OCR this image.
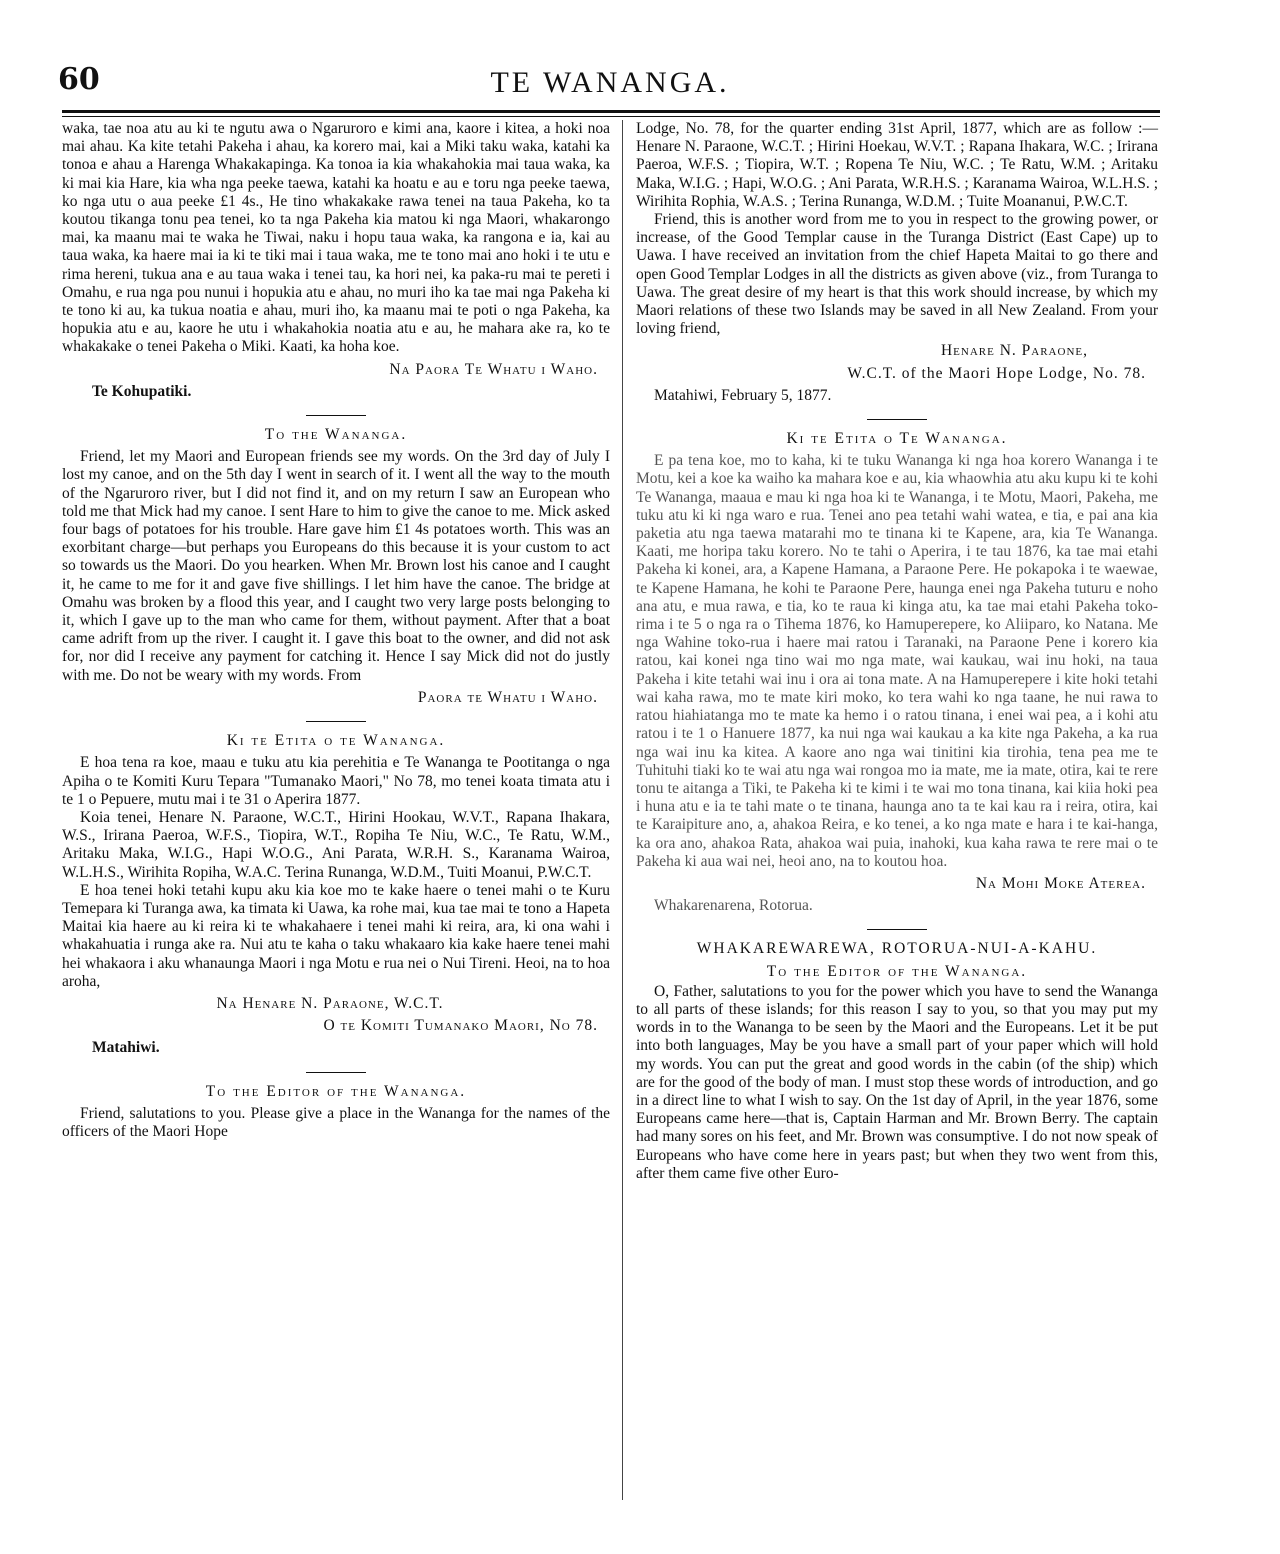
60	TE WANANGA.

waka, tae noa atu au ki te ngutu awa o Ngaruroro e kimi ana, kaore i kitea, a hoki noa mai ahau. Ka kite tetahi Pakeha i ahau, ka korero mai, kai a Miki taku waka, katahi ka tonoa e ahau a Harenga Whakakapinga. Ka tonoa ia kia whakahokia mai taua waka, ka ki mai kia Hare, kia wha nga peeke taewa, katahi ka hoatu e au e toru nga peeke taewa, ko nga utu o aua peeke £1 4s., He tino whakakake rawa tenei na taua Pakeha, ko ta koutou tikanga tonu pea tenei, ko ta nga Pakeha kia matou ki nga Maori, whakarongo mai, ka maanu mai te waka he Tiwai, naku i hopu taua waka, ka rangona e ia, kai au taua waka, ka haere mai ia ki te tiki mai i taua waka, me te tono mai ano hoki i te utu e rima hereni, tukua ana e au taua waka i tenei tau, ka hori nei, ka paka-ru mai te pereti i Omahu, e rua nga pou nunui i hopukia atu e ahau, no muri iho ka tae mai nga Pakeha ki te tono ki au, ka tukua noatia e ahau, muri iho, ka maanu mai te poti o nga Pakeha, ka hopukia atu e au, kaore he utu i whakahokia noatia atu e au, he mahara ake ra, ko te whakakake o tenei Pakeha o Miki. Kaati, ka hoha koe.

Na Paora Te Whatu i Waho.

Te Kohupatiki.

To the Wananga.

Friend, let my Maori and European friends see my words. On the 3rd day of July I lost my canoe, and on the 5th day I went in search of it. I went all the way to the mouth of the Ngaruroro river, but I did not find it, and on my return I saw an European who told me that Mick had my canoe. I sent Hare to him to give the canoe to me. Mick asked four bags of potatoes for his trouble. Hare gave him £1 4s potatoes worth. This was an exorbitant charge—but perhaps you Europeans do this because it is your custom to act so towards us the Maori. Do you hearken. When Mr. Brown lost his canoe and I caught it, he came to me for it and gave five shillings. I let him have the canoe. The bridge at Omahu was broken by a flood this year, and I caught two very large posts belonging to it, which I gave up to the man who came for them, without payment. After that a boat came adrift from up the river. I caught it. I gave this boat to the owner, and did not ask for, nor did I receive any payment for catching it. Hence I say Mick did not do justly with me. Do not be weary with my words. From

Paora te Whatu i Waho.

Ki te Etita o te Wananga.

E hoa tena ra koe, maau e tuku atu kia perehitia e Te Wananga te Pootitanga o nga Apiha o te Komiti Kuru Tepara "Tumanako Maori," No 78, mo tenei koata timata atu i te 1 o Pepuere, mutu mai i te 31 o Aperira 1877.

Koia tenei, Henare N. Paraone, W.C.T., Hirini Hookau, W.V.T., Rapana Ihakara, W.S., Irirana Paeroa, W.F.S., Tiopira, W.T., Ropiha Te Niu, W.C., Te Ratu, W.M., Aritaku Maka, W.I.G., Hapi W.O.G., Ani Parata, W.R.H. S., Karanama Wairoa, W.L.H.S., Wirihita Ropiha, W.A.C. Terina Runanga, W.D.M., Tuiti Moanui, P.W.C.T.

E hoa tenei hoki tetahi kupu aku kia koe mo te kake haere o tenei mahi o te Kuru Temepara ki Turanga awa, ka timata ki Uawa, ka rohe mai, kua tae mai te tono a Hapeta Maitai kia haere au ki reira ki te whakahaere i tenei mahi ki reira, ara, ki ona wahi i whakahuatia i runga ake ra. Nui atu te kaha o taku whakaaro kia kake haere tenei mahi hei whakaora i aku whanaunga Maori i nga Motu e rua nei o Nui Tireni. Heoi, na to hoa aroha,

Na Henare N. Paraone, W.C.T.

O te Komiti Tumanako Maori, No 78.

Matahiwi.

To the Editor of the Wananga.

Friend, salutations to you. Please give a place in the Wananga for the names of the officers of the Maori Hope

Lodge, No. 78, for the quarter ending 31st April, 1877, which are as follow :—Henare N. Paraone, W.C.T. ; Hirini Hoekau, W.V.T. ; Rapana Ihakara, W.C. ; Irirana Paeroa, W.F.S. ; Tiopira, W.T. ; Ropena Te Niu, W.C. ; Te Ratu, W.M. ; Aritaku Maka, W.I.G. ; Hapi, W.O.G. ; Ani Parata, W.R.H.S. ; Karanama Wairoa, W.L.H.S. ; Wirihita Rophia, W.A.S. ; Terina Runanga, W.D.M. ; Tuite Moananui, P.W.C.T.

Friend, this is another word from me to you in respect to the growing power, or increase, of the Good Templar cause in the Turanga District (East Cape) up to Uawa. I have received an invitation from the chief Hapeta Maitai to go there and open Good Templar Lodges in all the districts as given above (viz., from Turanga to Uawa. The great desire of my heart is that this work should increase, by which my Maori relations of these two Islands may be saved in all New Zealand. From your loving friend,

Henare N. Paraone,

W.C.T. of the Maori Hope Lodge, No. 78.

Matahiwi, February 5, 1877.

Ki te Etita o Te Wananga.

E pa tena koe, mo to kaha, ki te tuku Wananga ki nga hoa korero Wananga i te Motu, kei a koe ka waiho ka mahara koe e au, kia whaowhia atu aku kupu ki te kohi Te Wananga, maaua e mau ki nga hoa ki te Wananga, i te Motu, Maori, Pakeha, me tuku atu ki ki nga waro e rua. Tenei ano pea tetahi wahi watea, e tia, e pai ana kia paketia atu nga taewa matarahi mo te tinana ki te Kapene, ara, kia Te Wananga. Kaati, me horipa taku korero. No te tahi o Aperira, i te tau 1876, ka tae mai etahi Pakeha ki konei, ara, a Kapene Hamana, a Paraone Pere. He pokapoka i te waewae, te Kapene Hamana, he kohi te Paraone Pere, haunga enei nga Pakeha tuturu e noho ana atu, e mua rawa, e tia, ko te raua ki kinga atu, ka tae mai etahi Pakeha toko-rima i te 5 o nga ra o Tihema 1876, ko Hamuperepere, ko Aliiparo, ko Natana. Me nga Wahine toko-rua i haere mai ratou i Taranaki, na Paraone Pene i korero kia ratou, kai konei nga tino wai mo nga mate, wai kaukau, wai inu hoki, na taua Pakeha i kite tetahi wai inu i ora ai tona mate. A na Hamuperepere i kite hoki tetahi wai kaha rawa, mo te mate kiri moko, ko tera wahi ko nga taane, he nui rawa to ratou hiahiatanga mo te mate ka hemo i o ratou tinana, i enei wai pea, a i kohi atu ratou i te 1 o Hanuere 1877, ka nui nga wai kaukau a ka kite nga Pakeha, a ka rua nga wai inu ka kitea. A kaore ano nga wai tinitini kia tirohia, tena pea me te Tuhituhi tiaki ko te wai atu nga wai rongoa mo ia mate, me ia mate, otira, kai te rere tonu te aitanga a Tiki, te Pakeha ki te kimi i te wai mo tona tinana, kai kiia hoki pea i huna atu e ia te tahi mate o te tinana, haunga ano ta te kai kau ra i reira, otira, kai te Karaipiture ano, a, ahakoa Reira, e ko tenei, a ko nga mate e hara i te kai-hanga, ka ora ano, ahakoa Rata, ahakoa wai puia, inahoki, kua kaha rawa te rere mai o te Pakeha ki aua wai nei, heoi ano, na to koutou hoa.

Na Mohi Moke Aterea.

Whakarenarena, Rotorua.

WHAKAREWAREWA, ROTORUA-NUI-A-KAHU.

To the Editor of the Wananga.

O, Father, salutations to you for the power which you have to send the Wananga to all parts of these islands; for this reason I say to you, so that you may put my words in to the Wananga to be seen by the Maori and the Europeans. Let it be put into both languages, May be you have a small part of your paper which will hold my words. You can put the great and good words in the cabin (of the ship) which are for the good of the body of man. I must stop these words of introduction, and go in a direct line to what I wish to say. On the 1st day of April, in the year 1876, some Europeans came here—that is, Captain Harman and Mr. Brown Berry. The captain had many sores on his feet, and Mr. Brown was consumptive. I do not now speak of Europeans who have come here in years past; but when they two went from this, after them came five other Euro-
